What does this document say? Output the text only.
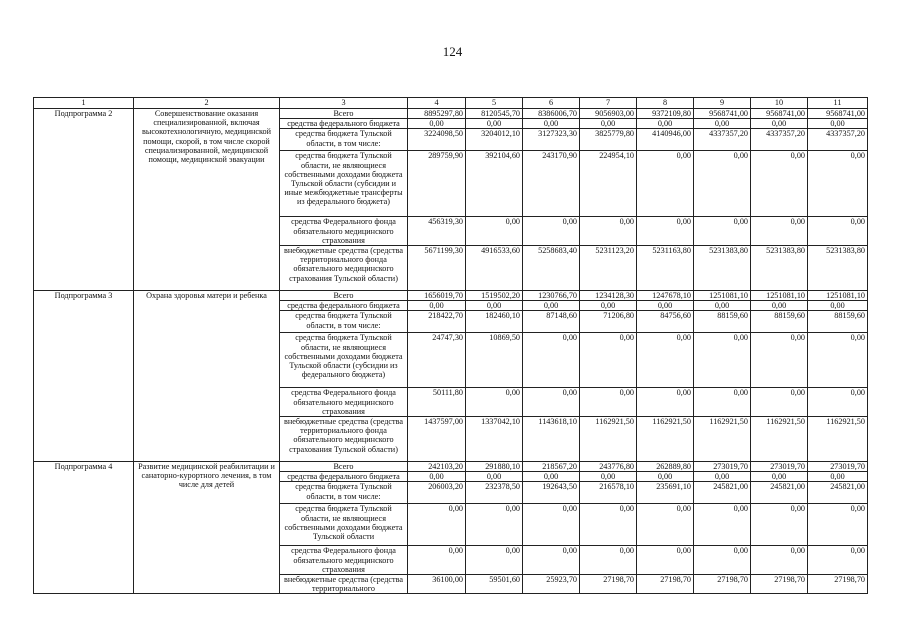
124
1	2	3	4	5	6	7	8	9	10	11
Подпрограмма 2	Совершенствование оказания специализированной, включая высокотехнологичную, медицинской помощи, скорой, в том числе скорой специализированной, медицинской помощи, медицинской эвакуации	Всего	8895297,80	8120545,70	8386006,70	9056903,00	9372109,80	9568741,00	9568741,00	9568741,00
		средства федерального бюджета	0,00	0,00	0,00	0,00	0,00	0,00	0,00	0,00
		средства бюджета Тульской области, в том числе:	3224098,50	3204012,10	3127323,30	3825779,80	4140946,00	4337357,20	4337357,20	4337357,20
		средства бюджета Тульской области, не являющиеся собственными доходами бюджета Тульской области (субсидии и иные межбюджетные трансферты из федерального бюджета)	289759,90	392104,60	243170,90	224954,10	0,00	0,00	0,00	0,00
		средства Федерального фонда обязательного медицинского страхования	456319,30	0,00	0,00	0,00	0,00	0,00	0,00	0,00
		внебюджетные средства (средства территориального фонда обязательного медицинского страхования Тульской области)	5671199,30	4916533,60	5258683,40	5231123,20	5231163,80	5231383,80	5231383,80	5231383,80
Подпрограмма 3	Охрана здоровья матери и ребенка	Всего	1656019,70	1519502,20	1230766,70	1234128,30	1247678,10	1251081,10	1251081,10	1251081,10
		средства федерального бюджета	0,00	0,00	0,00	0,00	0,00	0,00	0,00	0,00
		средства бюджета Тульской области, в том числе:	218422,70	182460,10	87148,60	71206,80	84756,60	88159,60	88159,60	88159,60
		средства бюджета Тульской области, не являющиеся собственными доходами бюджета Тульской области (субсидии из федерального бюджета)	24747,30	10869,50	0,00	0,00	0,00	0,00	0,00	0,00
		средства Федерального фонда обязательного медицинского страхования	50111,80	0,00	0,00	0,00	0,00	0,00	0,00	0,00
		внебюджетные средства (средства территориального фонда обязательного медицинского страхования Тульской области)	1437597,00	1337042,10	1143618,10	1162921,50	1162921,50	1162921,50	1162921,50	1162921,50
Подпрограмма 4	Развитие медицинской реабилитации и санаторно-курортного лечения, в том числе для детей	Всего	242103,20	291880,10	218567,20	243776,80	262889,80	273019,70	273019,70	273019,70
		средства федерального бюджета	0,00	0,00	0,00	0,00	0,00	0,00	0,00	0,00
		средства бюджета Тульской области, в том числе:	206003,20	232378,50	192643,50	216578,10	235691,10	245821,00	245821,00	245821,00
		средства бюджета Тульской области, не являющиеся собственными доходами бюджета Тульской области	0,00	0,00	0,00	0,00	0,00	0,00	0,00	0,00
		средства Федерального фонда обязательного медицинского страхования	0,00	0,00	0,00	0,00	0,00	0,00	0,00	0,00
		внебюджетные средства (средства территориального	36100,00	59501,60	25923,70	27198,70	27198,70	27198,70	27198,70	27198,70
